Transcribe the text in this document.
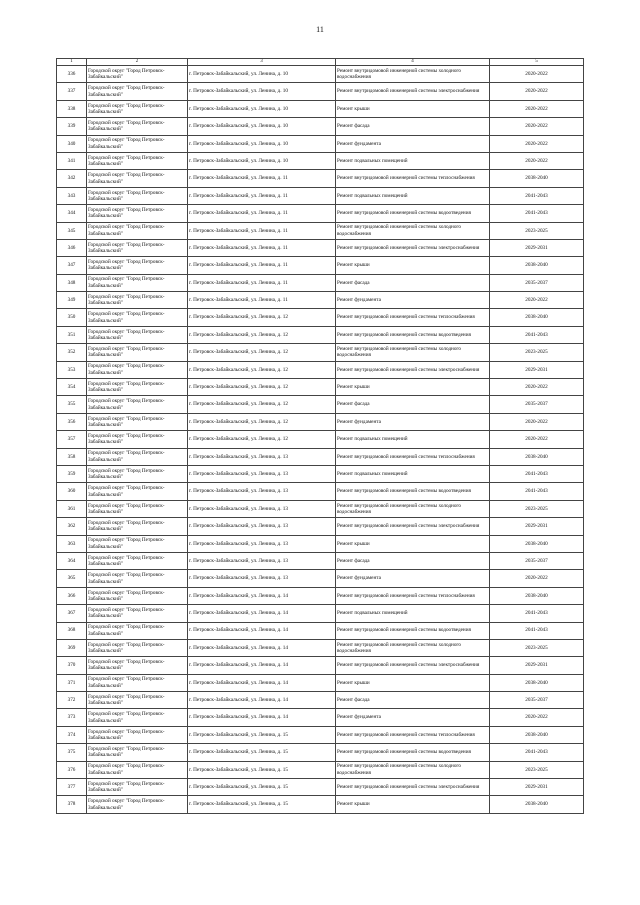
11
1	2	3	4	5
336	Городской округ "Город Петровск-Забайкальский"	г. Петровск-Забайкальский, ул. Ленина, д. 10	Ремонт внутридомовой инженерной системы холодного водоснабжения	2020-2022
337	Городской округ "Город Петровск-Забайкальский"	г. Петровск-Забайкальский, ул. Ленина, д. 10	Ремонт внутридомовой инженерной системы электроснабжения	2020-2022
338	Городской округ "Город Петровск-Забайкальский"	г. Петровск-Забайкальский, ул. Ленина, д. 10	Ремонт крыши	2020-2022
339	Городской округ "Город Петровск-Забайкальский"	г. Петровск-Забайкальский, ул. Ленина, д. 10	Ремонт фасада	2020-2022
340	Городской округ "Город Петровск-Забайкальский"	г. Петровск-Забайкальский, ул. Ленина, д. 10	Ремонт фундамента	2020-2022
341	Городской округ "Город Петровск-Забайкальский"	г. Петровск-Забайкальский, ул. Ленина, д. 10	Ремонт подвальных помещений	2020-2022
342	Городской округ "Город Петровск-Забайкальский"	г. Петровск-Забайкальский, ул. Ленина, д. 11	Ремонт внутридомовой инженерной системы теплоснабжения	2038-2040
343	Городской округ "Город Петровск-Забайкальский"	г. Петровск-Забайкальский, ул. Ленина, д. 11	Ремонт подвальных помещений	2041-2043
344	Городской округ "Город Петровск-Забайкальский"	г. Петровск-Забайкальский, ул. Ленина, д. 11	Ремонт внутридомовой инженерной системы водоотведения	2041-2043
345	Городской округ "Город Петровск-Забайкальский"	г. Петровск-Забайкальский, ул. Ленина, д. 11	Ремонт внутридомовой инженерной системы холодного водоснабжения	2023-2025
346	Городской округ "Город Петровск-Забайкальский"	г. Петровск-Забайкальский, ул. Ленина, д. 11	Ремонт внутридомовой инженерной системы электроснабжения	2029-2031
347	Городской округ "Город Петровск-Забайкальский"	г. Петровск-Забайкальский, ул. Ленина, д. 11	Ремонт крыши	2038-2040
348	Городской округ "Город Петровск-Забайкальский"	г. Петровск-Забайкальский, ул. Ленина, д. 11	Ремонт фасада	2035-2037
349	Городской округ "Город Петровск-Забайкальский"	г. Петровск-Забайкальский, ул. Ленина, д. 11	Ремонт фундамента	2020-2022
350	Городской округ "Город Петровск-Забайкальский"	г. Петровск-Забайкальский, ул. Ленина, д. 12	Ремонт внутридомовой инженерной системы теплоснабжения	2038-2040
351	Городской округ "Город Петровск-Забайкальский"	г. Петровск-Забайкальский, ул. Ленина, д. 12	Ремонт внутридомовой инженерной системы водоотведения	2041-2043
352	Городской округ "Город Петровск-Забайкальский"	г. Петровск-Забайкальский, ул. Ленина, д. 12	Ремонт внутридомовой инженерной системы холодного водоснабжения	2023-2025
353	Городской округ "Город Петровск-Забайкальский"	г. Петровск-Забайкальский, ул. Ленина, д. 12	Ремонт внутридомовой инженерной системы электроснабжения	2029-2031
354	Городской округ "Город Петровск-Забайкальский"	г. Петровск-Забайкальский, ул. Ленина, д. 12	Ремонт крыши	2020-2022
355	Городской округ "Город Петровск-Забайкальский"	г. Петровск-Забайкальский, ул. Ленина, д. 12	Ремонт фасада	2035-2037
356	Городской округ "Город Петровск-Забайкальский"	г. Петровск-Забайкальский, ул. Ленина, д. 12	Ремонт фундамента	2020-2022
357	Городской округ "Город Петровск-Забайкальский"	г. Петровск-Забайкальский, ул. Ленина, д. 12	Ремонт подвальных помещений	2020-2022
358	Городской округ "Город Петровск-Забайкальский"	г. Петровск-Забайкальский, ул. Ленина, д. 13	Ремонт внутридомовой инженерной системы теплоснабжения	2038-2040
359	Городской округ "Город Петровск-Забайкальский"	г. Петровск-Забайкальский, ул. Ленина, д. 13	Ремонт подвальных помещений	2041-2043
360	Городской округ "Город Петровск-Забайкальский"	г. Петровск-Забайкальский, ул. Ленина, д. 13	Ремонт внутридомовой инженерной системы водоотведения	2041-2043
361	Городской округ "Город Петровск-Забайкальский"	г. Петровск-Забайкальский, ул. Ленина, д. 13	Ремонт внутридомовой инженерной системы холодного водоснабжения	2023-2025
362	Городской округ "Город Петровск-Забайкальский"	г. Петровск-Забайкальский, ул. Ленина, д. 13	Ремонт внутридомовой инженерной системы электроснабжения	2029-2031
363	Городской округ "Город Петровск-Забайкальский"	г. Петровск-Забайкальский, ул. Ленина, д. 13	Ремонт крыши	2038-2040
364	Городской округ "Город Петровск-Забайкальский"	г. Петровск-Забайкальский, ул. Ленина, д. 13	Ремонт фасада	2035-2037
365	Городской округ "Город Петровск-Забайкальский"	г. Петровск-Забайкальский, ул. Ленина, д. 13	Ремонт фундамента	2020-2022
366	Городской округ "Город Петровск-Забайкальский"	г. Петровск-Забайкальский, ул. Ленина, д. 14	Ремонт внутридомовой инженерной системы теплоснабжения	2038-2040
367	Городской округ "Город Петровск-Забайкальский"	г. Петровск-Забайкальский, ул. Ленина, д. 14	Ремонт подвальных помещений	2041-2043
368	Городской округ "Город Петровск-Забайкальский"	г. Петровск-Забайкальский, ул. Ленина, д. 14	Ремонт внутридомовой инженерной системы водоотведения	2041-2043
369	Городской округ "Город Петровск-Забайкальский"	г. Петровск-Забайкальский, ул. Ленина, д. 14	Ремонт внутридомовой инженерной системы холодного водоснабжения	2023-2025
370	Городской округ "Город Петровск-Забайкальский"	г. Петровск-Забайкальский, ул. Ленина, д. 14	Ремонт внутридомовой инженерной системы электроснабжения	2029-2031
371	Городской округ "Город Петровск-Забайкальский"	г. Петровск-Забайкальский, ул. Ленина, д. 14	Ремонт крыши	2038-2040
372	Городской округ "Город Петровск-Забайкальский"	г. Петровск-Забайкальский, ул. Ленина, д. 14	Ремонт фасада	2035-2037
373	Городской округ "Город Петровск-Забайкальский"	г. Петровск-Забайкальский, ул. Ленина, д. 14	Ремонт фундамента	2020-2022
374	Городской округ "Город Петровск-Забайкальский"	г. Петровск-Забайкальский, ул. Ленина, д. 15	Ремонт внутридомовой инженерной системы теплоснабжения	2038-2040
375	Городской округ "Город Петровск-Забайкальский"	г. Петровск-Забайкальский, ул. Ленина, д. 15	Ремонт внутридомовой инженерной системы водоотведения	2041-2043
376	Городской округ "Город Петровск-Забайкальский"	г. Петровск-Забайкальский, ул. Ленина, д. 15	Ремонт внутридомовой инженерной системы холодного водоснабжения	2023-2025
377	Городской округ "Город Петровск-Забайкальский"	г. Петровск-Забайкальский, ул. Ленина, д. 15	Ремонт внутридомовой инженерной системы электроснабжения	2029-2031
378	Городской округ "Город Петровск-Забайкальский"	г. Петровск-Забайкальский, ул. Ленина, д. 15	Ремонт крыши	2038-2040
